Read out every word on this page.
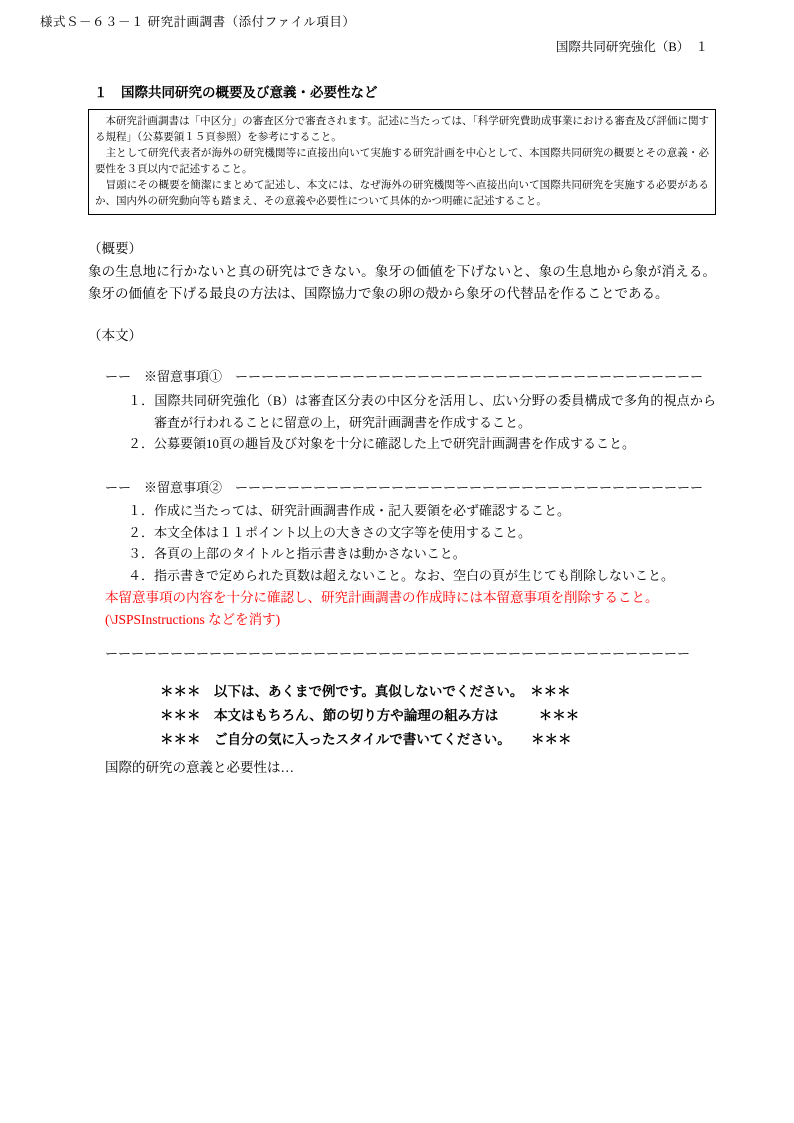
様式Ｓ－６３－１ 研究計画調書（添付ファイル項目）
国際共同研究強化（B）　１
１　国際共同研究の概要及び意義・必要性など

　本研究計画調書は「中区分」の審査区分で審査されます。記述に当たっては、「科学研究費助成事業における審査及び評価に関する規程」（公募要領１５頁参照）を参考にすること。

　主として研究代表者が海外の研究機関等に直接出向いて実施する研究計画を中心として、本国際共同研究の概要とその意義・必要性を３頁以内で記述すること。

　冒頭にその概要を簡潔にまとめて記述し、本文には、なぜ海外の研究機関等へ直接出向いて国際共同研究を実施する必要があるか、国内外の研究動向等も踏まえ、その意義や必要性について具体的かつ明確に記述すること。

（概要）

象の生息地に行かないと真の研究はできない。象牙の価値を下げないと、象の生息地から象が消える。象牙の価値を下げる最良の方法は、国際協力で象の卵の殻から象牙の代替品を作ることである。

（本文）

ーー　※留意事項①　ーーーーーーーーーーーーーーーーーーーーーーーーーーーーーーーーーーーー

１．国際共同研究強化（B）は審査区分表の中区分を活用し、広い分野の委員構成で多角的視点から審査が行われることに留意の上，研究計画調書を作成すること。

２．公募要領10頁の趣旨及び対象を十分に確認した上で研究計画調書を作成すること。

ーー　※留意事項②　ーーーーーーーーーーーーーーーーーーーーーーーーーーーーーーーーーーーー

１．作成に当たっては、研究計画調書作成・記入要領を必ず確認すること。

２．本文全体は１１ポイント以上の大きさの文字等を使用すること。

３．各頁の上部のタイトルと指示書きは動かさないこと。

４．指示書きで定められた頁数は超えないこと。なお、空白の頁が生じても削除しないこと。

本留意事項の内容を十分に確認し、研究計画調書の作成時には本留意事項を削除すること。

(\JSPSInstructions などを消す)

ーーーーーーーーーーーーーーーーーーーーーーーーーーーーーーーーーーーーーーーーーーーーー

＊＊＊　以下は、あくまで例です。真似しないでください。　＊＊＊

＊＊＊　本文はもちろん、節の切り方や論理の組み方は　　　＊＊＊

＊＊＊　ご自分の気に入ったスタイルで書いてください。　　＊＊＊

国際的研究の意義と必要性は…
